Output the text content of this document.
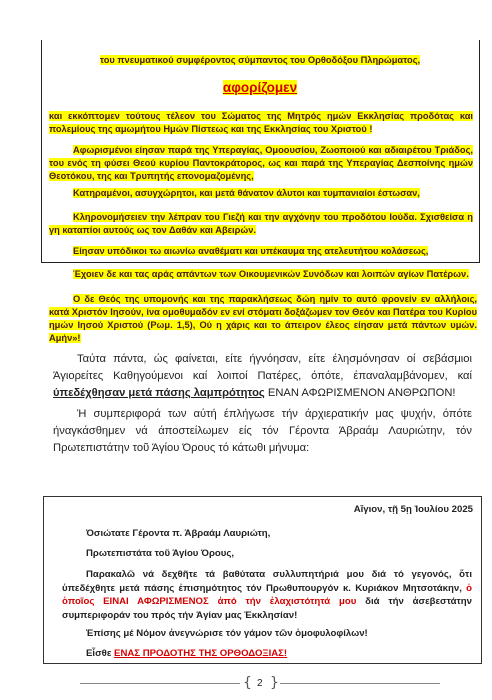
του πνευματικού συμφέροντος σύμπαντος του Ορθοδόξου Πληρώματος,
αφορίζομεν
και εκκόπτομεν τούτους τέλεον του Σώματος της Μητρός ημών Εκκλησίας προδότας και πολεμίους της αμωμήτου Ημών Πίστεως και της Εκκλησίας του Χριστού !
Αφωρισμένοι είησαν παρά της Υπεραγίας, Ομοουσίου, Ζωοποιού και αδιαιρέτου Τριάδος, του ενός τη φύσει Θεού κυρίου Παντοκράτορος, ως και παρά της Υπεραγίας Δεσποίνης ημών Θεοτόκου, της και Τρυπητής επονομαζομένης,
Κατηραμένοι, ασυγχώρητοι, και μετά θάνατον άλυτοι και τυμπανιαίοι έστωσαν,
Κληρονομήσειεν την λέπραν του Γιεζή και την αγχόνην του προδότου Ιούδα. Σχισθείσα η γη καταπίοι αυτούς ως τον Δαθάν και Αβειρών.
Είησαν υπόδικοι τω αιωνίω αναθέματι και υπέκαυμα της ατελευτήτου κολάσεως,
Έχοιεν δε και τας αράς απάντων των Οικουμενικών Συνόδων και λοιπών αγίων Πατέρων.
Ο δε Θεός της υπομονής και της παρακλήσεως δώη ημίν το αυτό φρονείν εν αλλήλοις, κατά Χριστόν Ιησούν, ίνα ομοθυμαδόν εν ενί στόματι δοξάζωμεν τον Θεόν και Πατέρα του Κυρίου ημών Ιησού Χριστού (Ρωμ. 1,5), Ού η χάρις και το άπειρον έλεος είησαν μετά πάντων υμών. Αμήν»!
Ταύτα πάντα, ώς φαίνεται, είτε ήγνόησαν, είτε έλησμόνησαν οί σεβάσμιοι Άγιορείτες Καθηγούμενοι καί λοιποί Πατέρες, όπότε, έπαναλαμβάνομεν, καί ύπεδέχθησαν μετά πάσης λαμπρότητος ΕΝΑΝ ΑΦΩΡΙΣΜΕΝΟΝ ΑΝΘΡΩΠΟΝ!
Ή συμπεριφορά των αύτή έπλήγωσε τήν άρχιερατικήν μας ψυχήν, όπότε ήναγκάσθημεν νά άποστείλωμεν είς τόν Γέροντα Άβραάμ Λαυριώτην, τόν Πρωτεπιστάτην τοῦ Άγίου Όρους τό κάτωθι μήνυμα:
Αἴγιον, τῇ 5ῃ Ἰουλίου 2025
Όσιώτατε Γέροντα π. Άβραάμ Λαυριώτη,
Πρωτεπιστάτα τοῦ Άγίου Όρους,
Παρακαλῶ νά δεχθῆτε τά βαθύτατα συλλυπητήριά μου διά τό γεγονός, ὅτι ὑπεδέχθητε μετά πάσης ἐπισημότητος τόν Πρωθυπουργόν κ. Κυριάκον Μητσοτάκην, ὁ ὁποῖος ΕΙΝΑΙ ΑΦΩΡΙΣΜΕΝΟΣ ἀπό τήν ἐλαχιστότητά μου διά τήν ἀσεβεστάτην συμπεριφοράν του πρός τήν Ἁγίαν μας Ἐκκλησίαν!
Ἐπίσης μέ Νόμον ἀνεγνώρισε τόν γάμον τῶν ὁμοφυλοφίλων!
Εἶσθε ΕΝΑΣ ΠΡΟΔΟΤΗΣ ΤΗΣ ΟΡΘΟΔΟΞΙΑΣ!
{ 2 }
